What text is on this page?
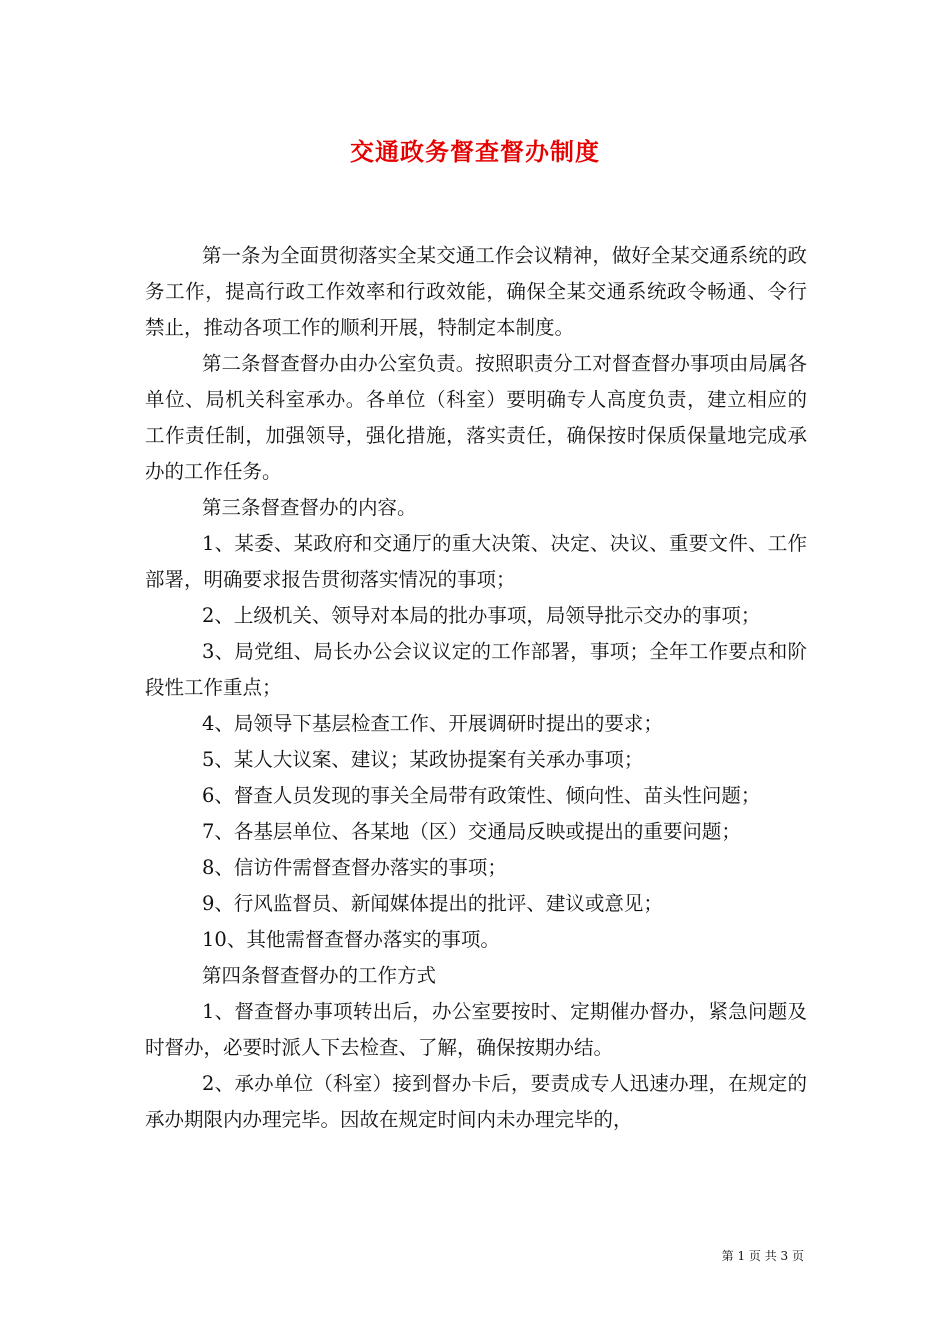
交通政务督查督办制度

第一条为全面贯彻落实全某交通工作会议精神，做好全某交通系统的政务工作，提高行政工作效率和行政效能，确保全某交通系统政令畅通、令行禁止，推动各项工作的顺利开展，特制定本制度。

第二条督查督办由办公室负责。按照职责分工对督查督办事项由局属各单位、局机关科室承办。各单位（科室）要明确专人高度负责，建立相应的工作责任制，加强领导，强化措施，落实责任，确保按时保质保量地完成承办的工作任务。

第三条督查督办的内容。

1、某委、某政府和交通厅的重大决策、决定、决议、重要文件、工作部署，明确要求报告贯彻落实情况的事项；

2、上级机关、领导对本局的批办事项，局领导批示交办的事项；

3、局党组、局长办公会议议定的工作部署，事项；全年工作要点和阶段性工作重点；

4、局领导下基层检查工作、开展调研时提出的要求；

5、某人大议案、建议；某政协提案有关承办事项；

6、督查人员发现的事关全局带有政策性、倾向性、苗头性问题；

7、各基层单位、各某地（区）交通局反映或提出的重要问题；

8、信访件需督查督办落实的事项；

9、行风监督员、新闻媒体提出的批评、建议或意见；

10、其他需督查督办落实的事项。

第四条督查督办的工作方式

1、督查督办事项转出后，办公室要按时、定期催办督办，紧急问题及时督办，必要时派人下去检查、了解，确保按期办结。

2、承办单位（科室）接到督办卡后，要责成专人迅速办理，在规定的承办期限内办理完毕。因故在规定时间内未办理完毕的，

第 1 页 共 3 页
